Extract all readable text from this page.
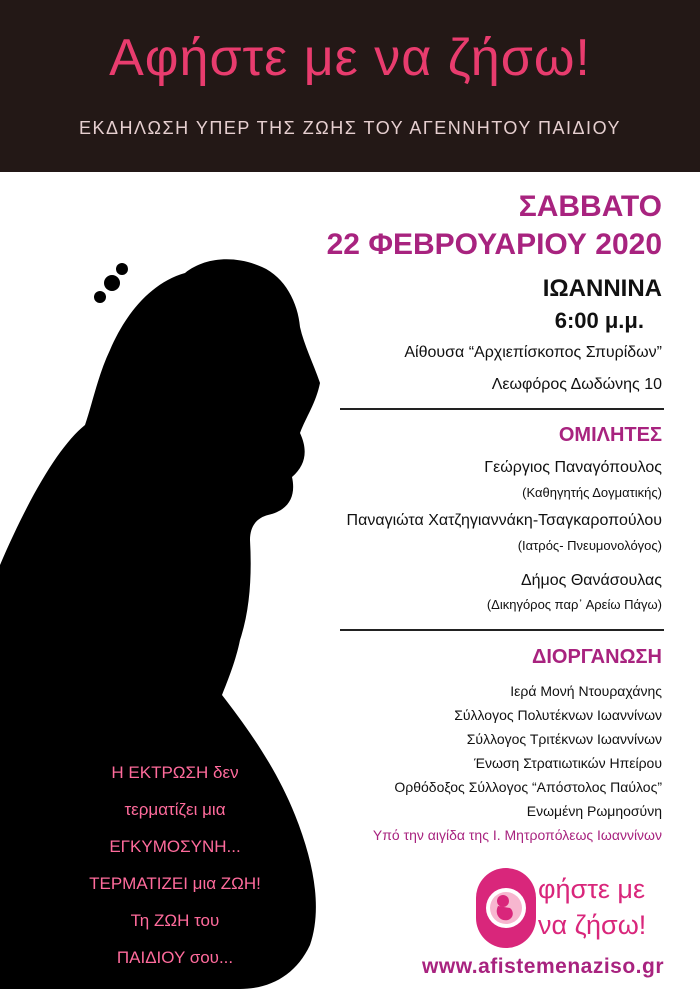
Αφήστε με να ζήσω!
ΕΚΔΗΛΩΣΗ ΥΠΕΡ ΤΗΣ ΖΩΗΣ ΤΟΥ ΑΓΕΝΝΗΤΟΥ ΠΑΙΔΙΟΥ
ΣΑΒΒΑΤΟ
22 ΦΕΒΡΟΥΑΡΙΟΥ 2020
ΙΩΑΝΝΙΝΑ
6:00 μ.μ.
Αίθουσα “Αρχιεπίσκοπος Σπυρίδων”
Λεωφόρος Δωδώνης 10
ΟΜΙΛΗΤΕΣ
Γεώργιος Παναγόπουλος
(Καθηγητής Δογματικής)
Παναγιώτα Χατζηγιαννάκη-Τσαγκαροπούλου
(Ιατρός- Πνευμονολόγος)
Δήμος Θανάσουλας
(Δικηγόρος παρ᾽ Αρείω Πάγω)
ΔΙΟΡΓΑΝΩΣΗ
Ιερά Μονή Ντουραχάνης
Σύλλογος Πολυτέκνων Ιωαννίνων
Σύλλογος Τριτέκνων Ιωαννίνων
Ένωση Στρατιωτικών Ηπείρου
Ορθόδοξος Σύλλογος “Απόστολος Παύλος”
Ενωμένη Ρωμηοσύνη
Υπό την αιγίδα της Ι. Μητροπόλεως Ιωαννίνων
Η ΕΚΤΡΩΣΗ δεν
τερματίζει μια
ΕΓΚΥΜΟΣΥΝΗ...
ΤΕΡΜΑΤΙΖΕΙ μια ΖΩΗ!
Τη ΖΩΗ του
ΠΑΙΔΙΟΥ σου...
φήστε με
να ζήσω!
www.afistemenaziso.gr
